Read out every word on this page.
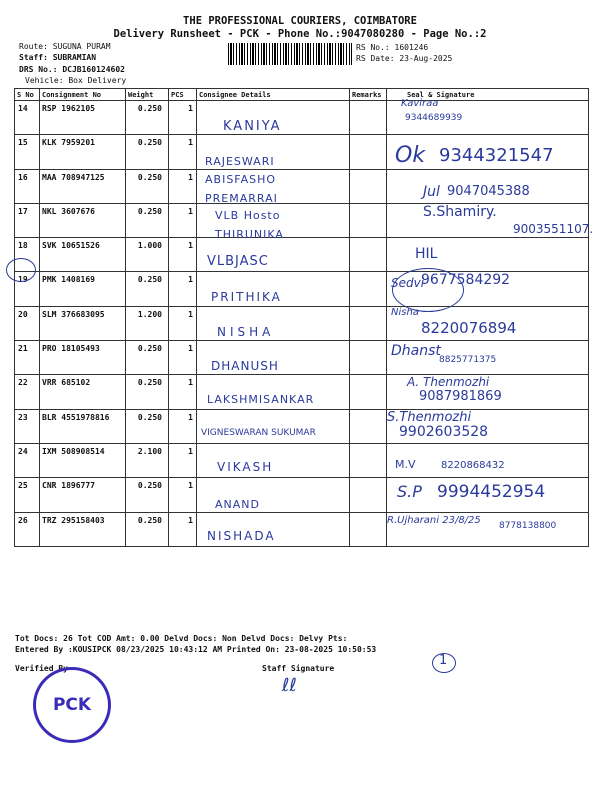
THE PROFESSIONAL COURIERS, COIMBATORE
Delivery Runsheet - PCK - Phone No.:9047080280 - Page No.:2
Route: SUGUNA PURAM
Staff: SUBRAMIAN
DRS No.: DCJB160124602
Vehicle: Box Delivery
RS No.: 1601246
RS Date: 23-Aug-2025
S No	Consignment No	Weight	PCS	Consignee Details	Remarks	Seal & Signature
14	RSP 1962105	0.250	1	KANIYA		Kaviraa
9344689939

15	KLK 7959201	0.250	1	RAJESWARI		Ok 9344321547

16	MAA 708947125	0.250	1	ABISFASHO PREMARRAI		Jul 9047045388

17	NKL 3607676	0.250	1	VLB Hosto THIRUNIKA		S.Shamiry.
9003551107.

18	SVK 10651526	1.000	1	VLBJASC		HIL

19	PMK 1408169	0.250	1	PRITHIKA		Sedvi
9677584292

20	SLM 376683095	1.200	1	NISHA		Nisha
8220076894

21	PRO 18105493	0.250	1	DHANUSH		Dhanst
8825771375

22	VRR 685102	0.250	1	LAKSHMISANKAR		A. Thenmozhi
9087981869

23	BLR 4551978816	0.250	1	VIGNESWARAN SUKUMAR		S.Thenmozhi
9902603528

24	IXM 508908514	2.100	1	VIKASH		M.V 8220868432

25	CNR 1896777	0.250	1	ANAND		S.P 9994452954

26	TRZ 295158403	0.250	1	NISHADA		R.Ujharani 23/8/25 8778138800
Tot Docs: 26 Tot COD Amt: 0.00 Delvd Docs: Non Delvd Docs: Delvy Pts:
Entered By :KOUSIPCK 08/23/2025 10:43:12 AM Printed On: 23-08-2025 10:50:53
Verified By	Staff Signature
ℓℓ
1
PCK
